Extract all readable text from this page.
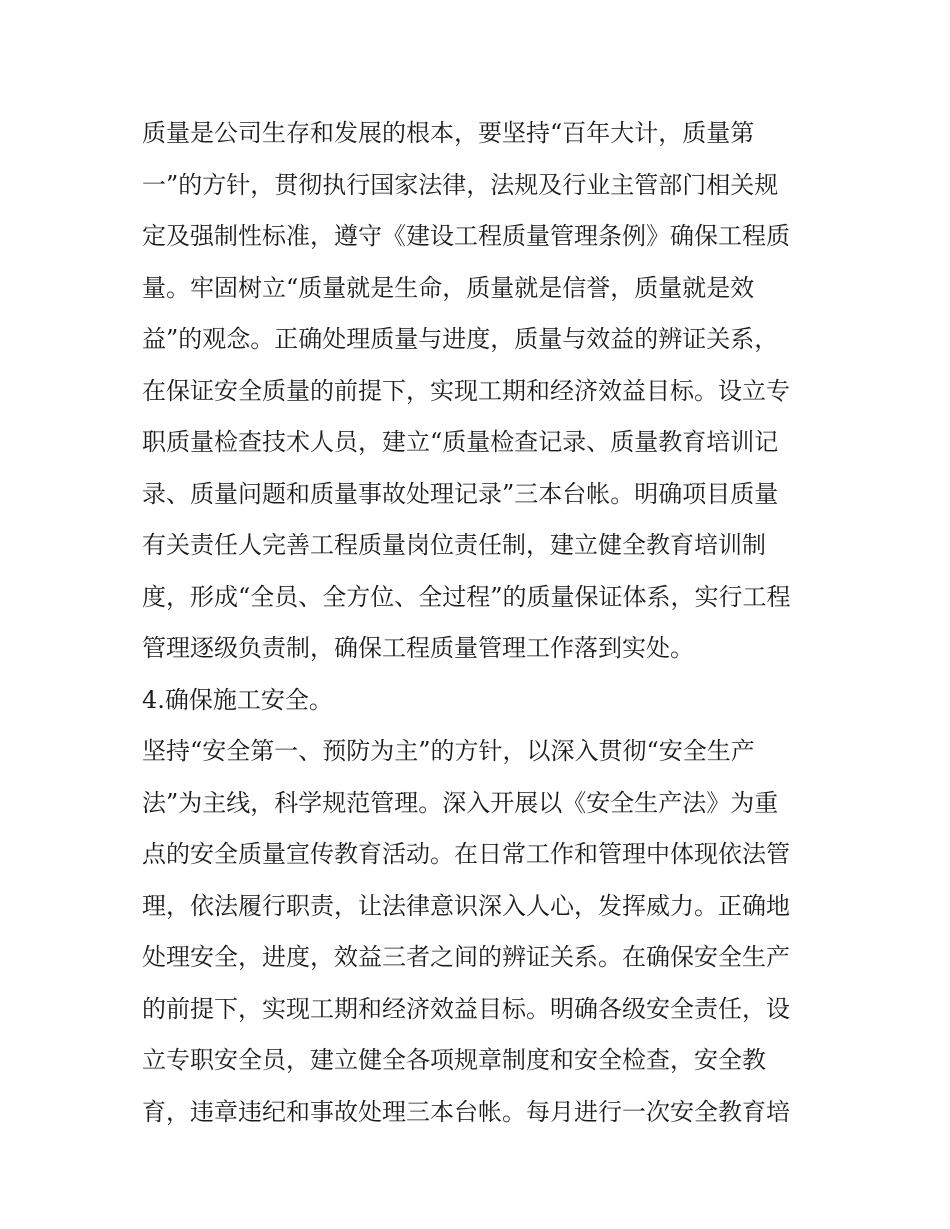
质量是公司生存和发展的根本，要坚持“百年大计，质量第
一”的方针，贯彻执行国家法律，法规及行业主管部门相关规
定及强制性标准，遵守《建设工程质量管理条例》确保工程质
量。牢固树立“质量就是生命，质量就是信誉，质量就是效
益”的观念。正确处理质量与进度，质量与效益的辨证关系，
在保证安全质量的前提下，实现工期和经济效益目标。设立专
职质量检查技术人员，建立“质量检查记录、质量教育培训记
录、质量问题和质量事故处理记录”三本台帐。明确项目质量
有关责任人完善工程质量岗位责任制，建立健全教育培训制
度，形成“全员、全方位、全过程”的质量保证体系，实行工程
管理逐级负责制，确保工程质量管理工作落到实处。
4.确保施工安全。
坚持“安全第一、预防为主”的方针，以深入贯彻“安全生产
法”为主线，科学规范管理。深入开展以《安全生产法》为重
点的安全质量宣传教育活动。在日常工作和管理中体现依法管
理，依法履行职责，让法律意识深入人心，发挥威力。正确地
处理安全，进度，效益三者之间的辨证关系。在确保安全生产
的前提下，实现工期和经济效益目标。明确各级安全责任，设
立专职安全员，建立健全各项规章制度和安全检查，安全教
育，违章违纪和事故处理三本台帐。每月进行一次安全教育培
